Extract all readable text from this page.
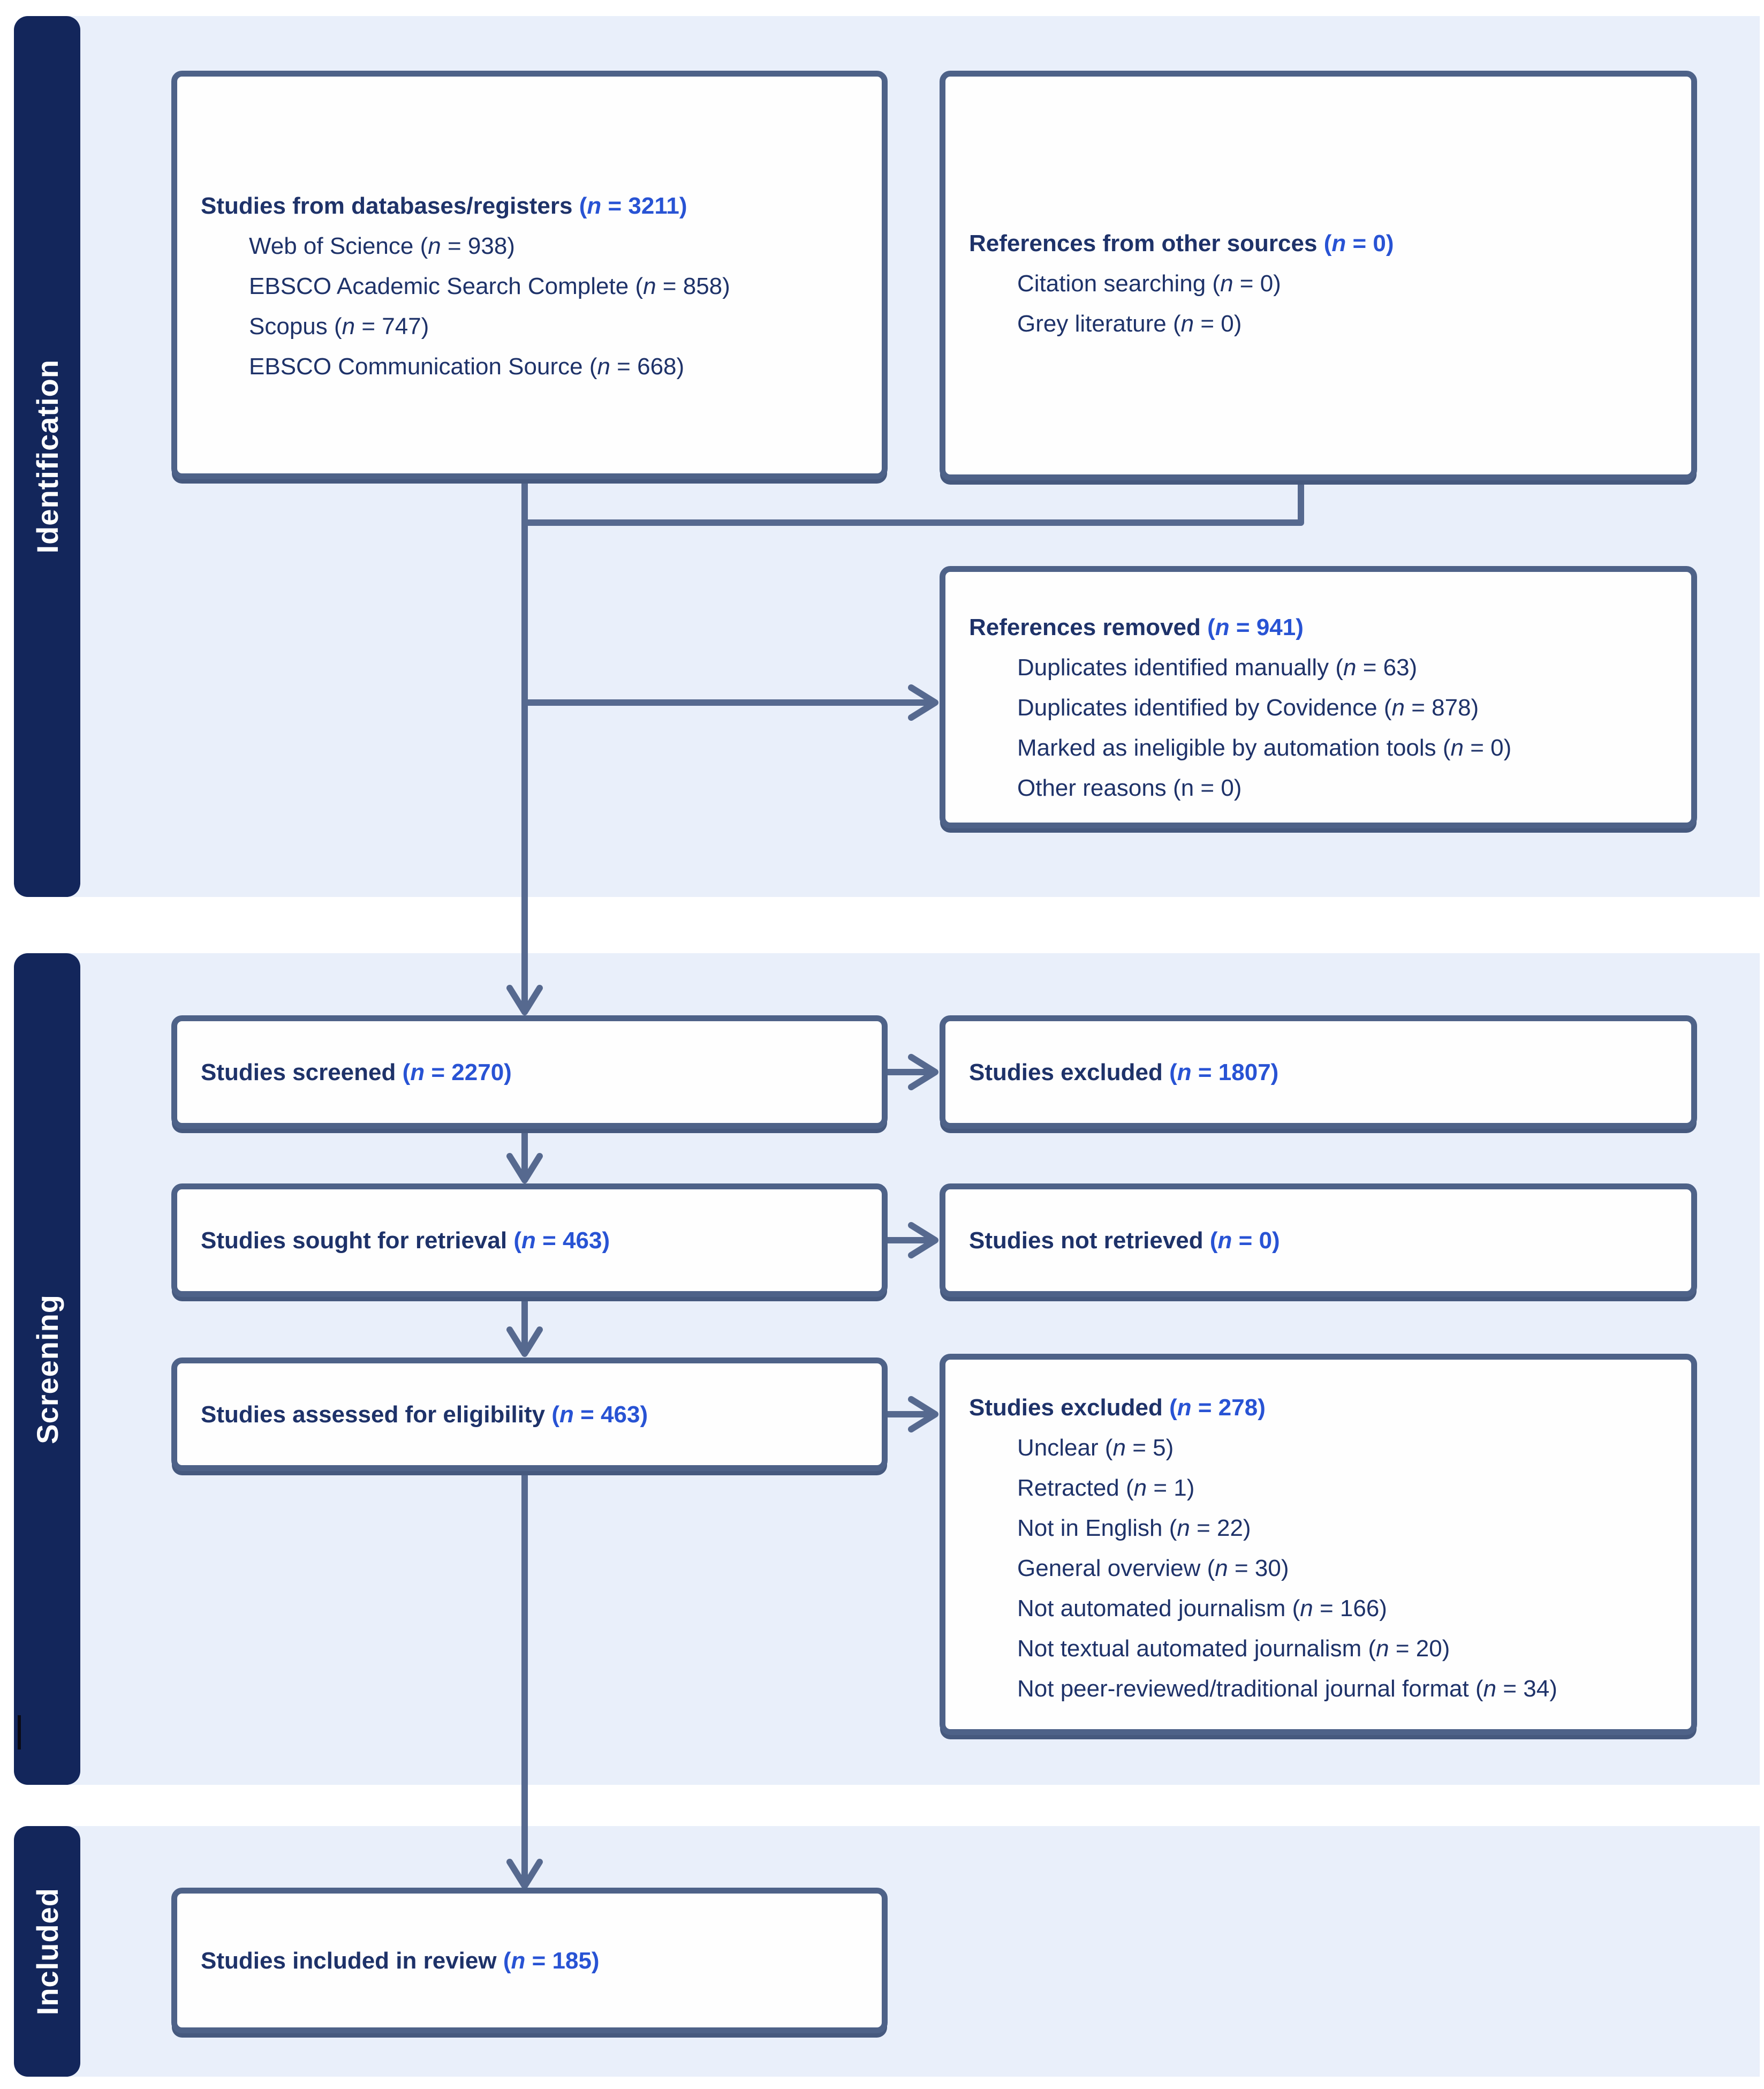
Identification
Screening
Included
Studies from databases/registers (n = 3211)
Web of Science (n = 938)
EBSCO Academic Search Complete (n = 858)
Scopus (n = 747)
EBSCO Communication Source (n = 668)
References from other sources (n = 0)
Citation searching (n = 0)
Grey literature (n = 0)
References removed (n = 941)
Duplicates identified manually (n = 63)
Duplicates identified by Covidence (n = 878)
Marked as ineligible by automation tools (n = 0)
Other reasons (n = 0)
Studies screened (n = 2270)	Studies excluded (n = 1807)
Studies sought for retrieval (n = 463)	Studies not retrieved (n = 0)
Studies assessed for eligibility (n = 463)	Studies excluded (n = 278)
Unclear (n = 5)
Retracted (n = 1)
Not in English (n = 22)
General overview (n = 30)
Not automated journalism (n = 166)
Not textual automated journalism (n = 20)
Not peer-reviewed/traditional journal format (n = 34)
Studies included in review (n = 185)
